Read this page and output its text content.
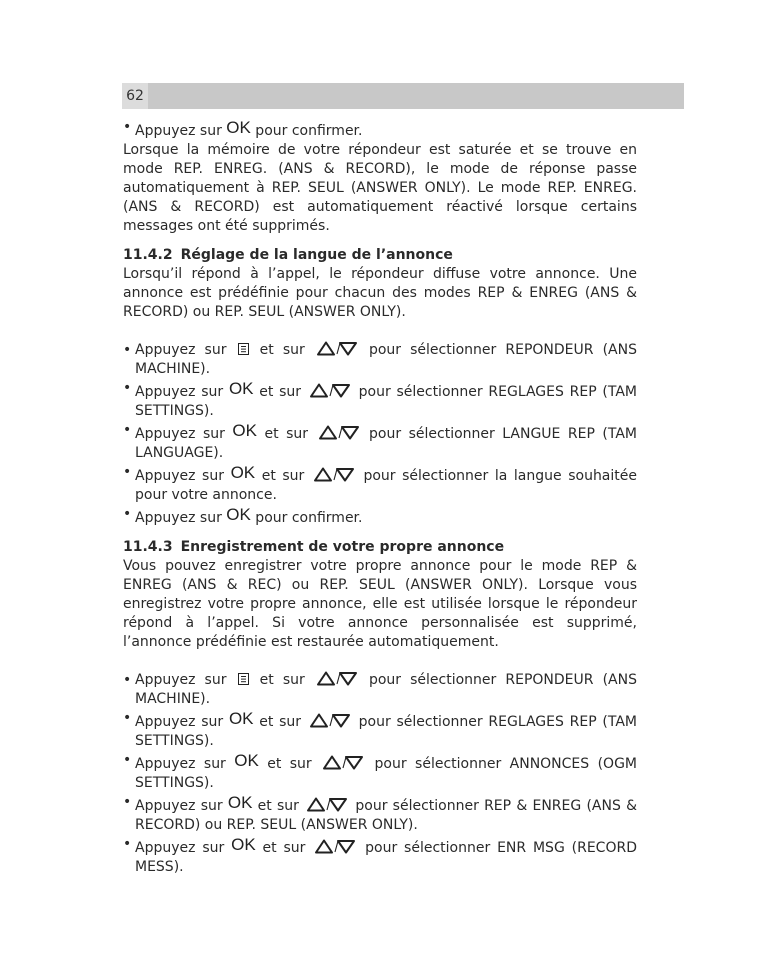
62
• Appuyez sur OK pour confirmer.

Lorsque la mémoire de votre répondeur est saturée et se trouve en mode REP. ENREG. (ANS & RECORD), le mode de réponse passe automatiquement à REP. SEUL (ANSWER ONLY). Le mode REP. ENREG. (ANS & RECORD) est automatiquement réactivé lorsque certains messages ont été supprimés.

11.4.2 Réglage de la langue de l’annonce

Lorsqu’il répond à l’appel, le répondeur diffuse votre annonce. Une annonce est prédéfinie pour chacun des modes REP & ENREG (ANS & RECORD) ou REP. SEUL (ANSWER ONLY).

• Appuyez sur  et sur	pour sélectionner REPONDEUR (ANS MACHINE).
• Appuyez sur OK et sur	pour sélectionner REGLAGES REP (TAM SETTINGS).
• Appuyez sur OK et sur	pour sélectionner LANGUE REP (TAM LANGUAGE).
• Appuyez sur OK et sur	pour sélectionner la langue souhaitée pour votre annonce.
• Appuyez sur OK pour confirmer.
11.4.3 Enregistrement de votre propre annonce

Vous pouvez enregistrer votre propre annonce pour le mode REP & ENREG (ANS & REC) ou REP. SEUL (ANSWER ONLY). Lorsque vous enregistrez votre propre annonce, elle est utilisée lorsque le répondeur répond à l’appel. Si votre annonce personnalisée est supprimé, l’annonce prédéfinie est restaurée automatiquement.

• Appuyez sur  et sur	pour sélectionner REPONDEUR (ANS MACHINE).
• Appuyez sur OK et sur	pour sélectionner REGLAGES REP (TAM SETTINGS).
• Appuyez sur OK et sur	pour sélectionner ANNONCES (OGM SETTINGS).
• Appuyez sur OK et sur	pour sélectionner REP & ENREG (ANS & RECORD) ou REP. SEUL (ANSWER ONLY).
• Appuyez sur OK et sur	pour sélectionner ENR MSG (RECORD MESS).
